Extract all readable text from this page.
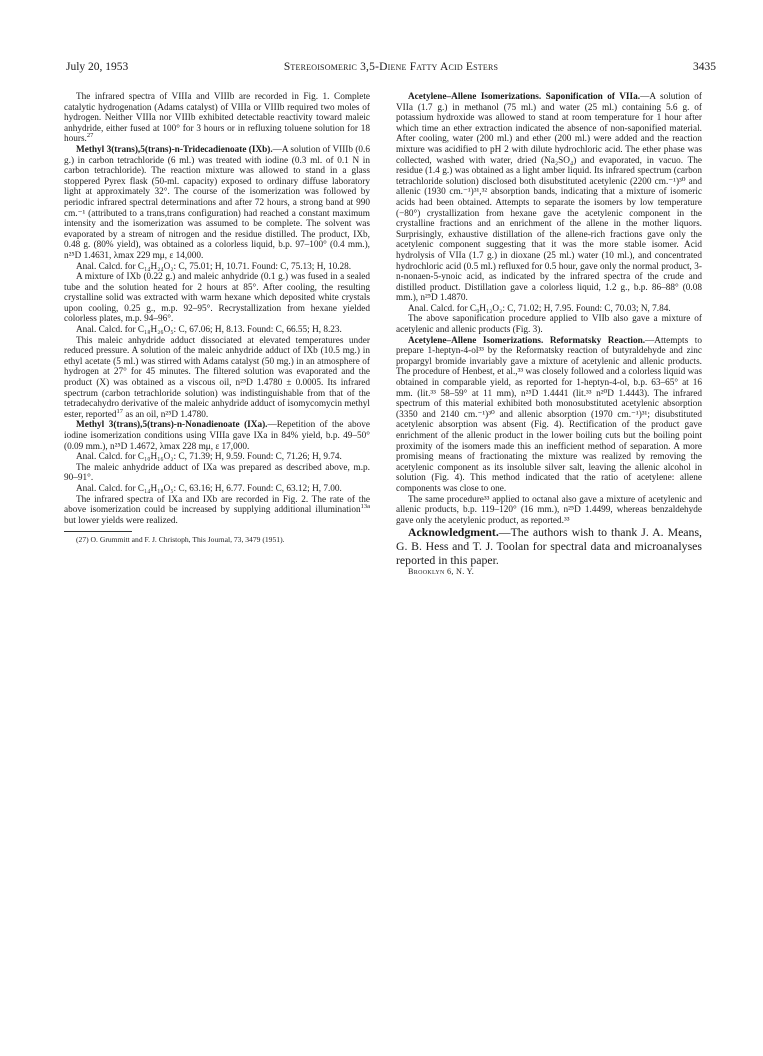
July 20, 1953	Stereoisomeric 3,5-Diene Fatty Acid Esters	3435

The infrared spectra of VIIIa and VIIIb are recorded in Fig. 1. Complete catalytic hydrogenation (Adams catalyst) of VIIIa or VIIIb required two moles of hydrogen. Neither VIIIa nor VIIIb exhibited detectable reactivity toward maleic anhydride, either fused at 100° for 3 hours or in refluxing toluene solution for 18 hours.$^{27}$

Methyl 3(trans),5(trans)-n-Tridecadienoate (IXb).—A solution of VIIIb (0.6 g.) in carbon tetrachloride (6 ml.) was treated with iodine (0.3 ml. of 0.1 N in carbon tetrachloride). The reaction mixture was allowed to stand in a glass stoppered Pyrex flask (50-ml. capacity) exposed to ordinary diffuse laboratory light at approximately 32°. The course of the isomerization was followed by periodic infrared spectral determinations and after 72 hours, a strong band at 990 cm.⁻¹ (attributed to a trans,trans configuration) had reached a constant maximum intensity and the isomerization was assumed to be complete. The solvent was evaporated by a stream of nitrogen and the residue distilled. The product, IXb, 0.48 g. (80% yield), was obtained as a colorless liquid, b.p. 97–100° (0.4 mm.), n²⁵D 1.4631, λmax 229 mμ, ε 14,000.

Anal. Calcd. for C₁₄H₂₄O₂: C, 75.01; H, 10.71. Found: C, 75.13; H, 10.28.

A mixture of IXb (0.22 g.) and maleic anhydride (0.1 g.) was fused in a sealed tube and the solution heated for 2 hours at 85°. After cooling, the resulting crystalline solid was extracted with warm hexane which deposited white crystals upon cooling, 0.25 g., m.p. 92–95°. Recrystallization from hexane yielded colorless plates, m.p. 94–96°.

Anal. Calcd. for C₁₈H₂₆O₅: C, 67.06; H, 8.13. Found: C, 66.55; H, 8.23.

This maleic anhydride adduct dissociated at elevated temperatures under reduced pressure. A solution of the maleic anhydride adduct of IXb (10.5 mg.) in ethyl acetate (5 ml.) was stirred with Adams catalyst (50 mg.) in an atmosphere of hydrogen at 27° for 45 minutes. The filtered solution was evaporated and the product (X) was obtained as a viscous oil, n²⁵D 1.4780 ± 0.0005. Its infrared spectrum (carbon tetrachloride solution) was indistinguishable from that of the tetradecahydro derivative of the maleic anhydride adduct of isomycomycin methyl ester, reported$^{17}$ as an oil, n²⁵D 1.4780.

Methyl 3(trans),5(trans)-n-Nonadienoate (IXa).—Repetition of the above iodine isomerization conditions using VIIIa gave IXa in 84% yield, b.p. 49–50° (0.09 mm.), n²⁵D 1.4672, λmax 228 mμ, ε 17,000.

Anal. Calcd. for C₁₀H₁₆O₂: C, 71.39; H, 9.59. Found: C, 71.26; H, 9.74.

The maleic anhydride adduct of IXa was prepared as described above, m.p. 90–91°.

Anal. Calcd. for C₁₄H₁₈O₅: C, 63.16; H, 6.77. Found: C, 63.12; H, 7.00.

The infrared spectra of IXa and IXb are recorded in Fig. 2. The rate of the above isomerization could be increased by supplying additional illumination$^{13a}$ but lower yields were realized.

(27) O. Grummitt and F. J. Christoph, This Journal, 73, 3479 (1951).

Acetylene–Allene Isomerizations. Saponification of VIIa.—A solution of VIIa (1.7 g.) in methanol (75 ml.) and water (25 ml.) containing 5.6 g. of potassium hydroxide was allowed to stand at room temperature for 1 hour after which time an ether extraction indicated the absence of non-saponified material. After cooling, water (200 ml.) and ether (200 ml.) were added and the reaction mixture was acidified to pH 2 with dilute hydrochloric acid. The ether phase was collected, washed with water, dried (Na₂SO₄) and evaporated, in vacuo. The residue (1.4 g.) was obtained as a light amber liquid. Its infrared spectrum (carbon tetrachloride solution) disclosed both disubstituted acetylenic (2200 cm.⁻¹)³⁰ and allenic (1930 cm.⁻¹)³¹,³² absorption bands, indicating that a mixture of isomeric acids had been obtained. Attempts to separate the isomers by low temperature (−80°) crystallization from hexane gave the acetylenic component in the crystalline fractions and an enrichment of the allene in the mother liquors. Surprisingly, exhaustive distillation of the allene-rich fractions gave only the acetylenic component suggesting that it was the more stable isomer. Acid hydrolysis of VIIa (1.7 g.) in dioxane (25 ml.) water (10 ml.), and concentrated hydrochloric acid (0.5 ml.) refluxed for 0.5 hour, gave only the normal product, 3-n-nonaen-5-ynoic acid, as indicated by the infrared spectra of the crude and distilled product. Distillation gave a colorless liquid, 1.2 g., b.p. 86–88° (0.08 mm.), n²⁵D 1.4870.

Anal. Calcd. for C₉H₁₂O₂: C, 71.02; H, 7.95. Found: C, 70.03; N, 7.84.

The above saponification procedure applied to VIIb also gave a mixture of acetylenic and allenic products (Fig. 3).

Acetylene–Allene Isomerizations. Reformatsky Reaction.—Attempts to prepare 1-heptyn-4-ol³³ by the Reformatsky reaction of butyraldehyde and zinc propargyl bromide invariably gave a mixture of acetylenic and allenic products. The procedure of Henbest, et al.,³³ was closely followed and a colorless liquid was obtained in comparable yield, as reported for 1-heptyn-4-ol, b.p. 63–65° at 16 mm. (lit.³³ 58–59° at 11 mm), n²⁵D 1.4441 (lit.³³ n²⁰D 1.4443). The infrared spectrum of this material exhibited both monosubstituted acetylenic absorption (3350 and 2140 cm.⁻¹)³⁰ and allenic absorption (1970 cm.⁻¹)³¹; disubstituted acetylenic absorption was absent (Fig. 4). Rectification of the product gave enrichment of the allenic product in the lower boiling cuts but the boiling point proximity of the isomers made this an inefficient method of separation. A more promising means of fractionating the mixture was realized by removing the acetylenic component as its insoluble silver salt, leaving the allenic alcohol in solution (Fig. 4). This method indicated that the ratio of acetylene: allene components was close to one.

The same procedure³³ applied to octanal also gave a mixture of acetylenic and allenic products, b.p. 119–120° (16 mm.), n²⁵D 1.4499, whereas benzaldehyde gave only the acetylenic product, as reported.³³

Acknowledgment.—The authors wish to thank J. A. Means, G. B. Hess and T. J. Toolan for spectral data and microanalyses reported in this paper.

Brooklyn 6, N. Y.
